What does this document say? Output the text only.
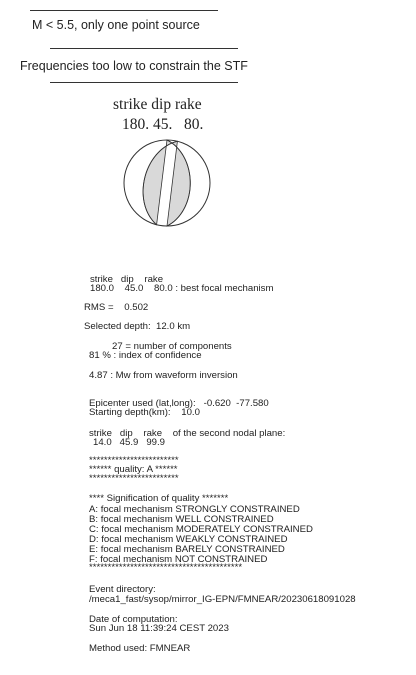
M < 5.5, only one point source
Frequencies too low to constrain the STF
strike dip rake
180. 45.   80.
strike   dip    rake
180.0    45.0    80.0 : best focal mechanism
RMS =    0.502
Selected depth:  12.0 km
27 = number of components
81 % : index of confidence
4.87 : Mw from waveform inversion
Epicenter used (lat,long):   -0.620  -77.580
Starting depth(km):    10.0
strike   dip    rake    of the second nodal plane:
14.0   45.9   99.9
************************
****** quality: A ******
************************
**** Signification of quality *******
A: focal mechanism STRONGLY CONSTRAINED
B: focal mechanism WELL CONSTRAINED
C: focal mechanism MODERATELY CONSTRAINED
D: focal mechanism WEAKLY CONSTRAINED
E: focal mechanism BARELY CONSTRAINED
F: focal mechanism NOT CONSTRAINED
*****************************************
Event directory:
/meca1_fast/sysop/mirror_IG-EPN/FMNEAR/20230618091028
Date of computation:
Sun Jun 18 11:39:24 CEST 2023
Method used: FMNEAR
